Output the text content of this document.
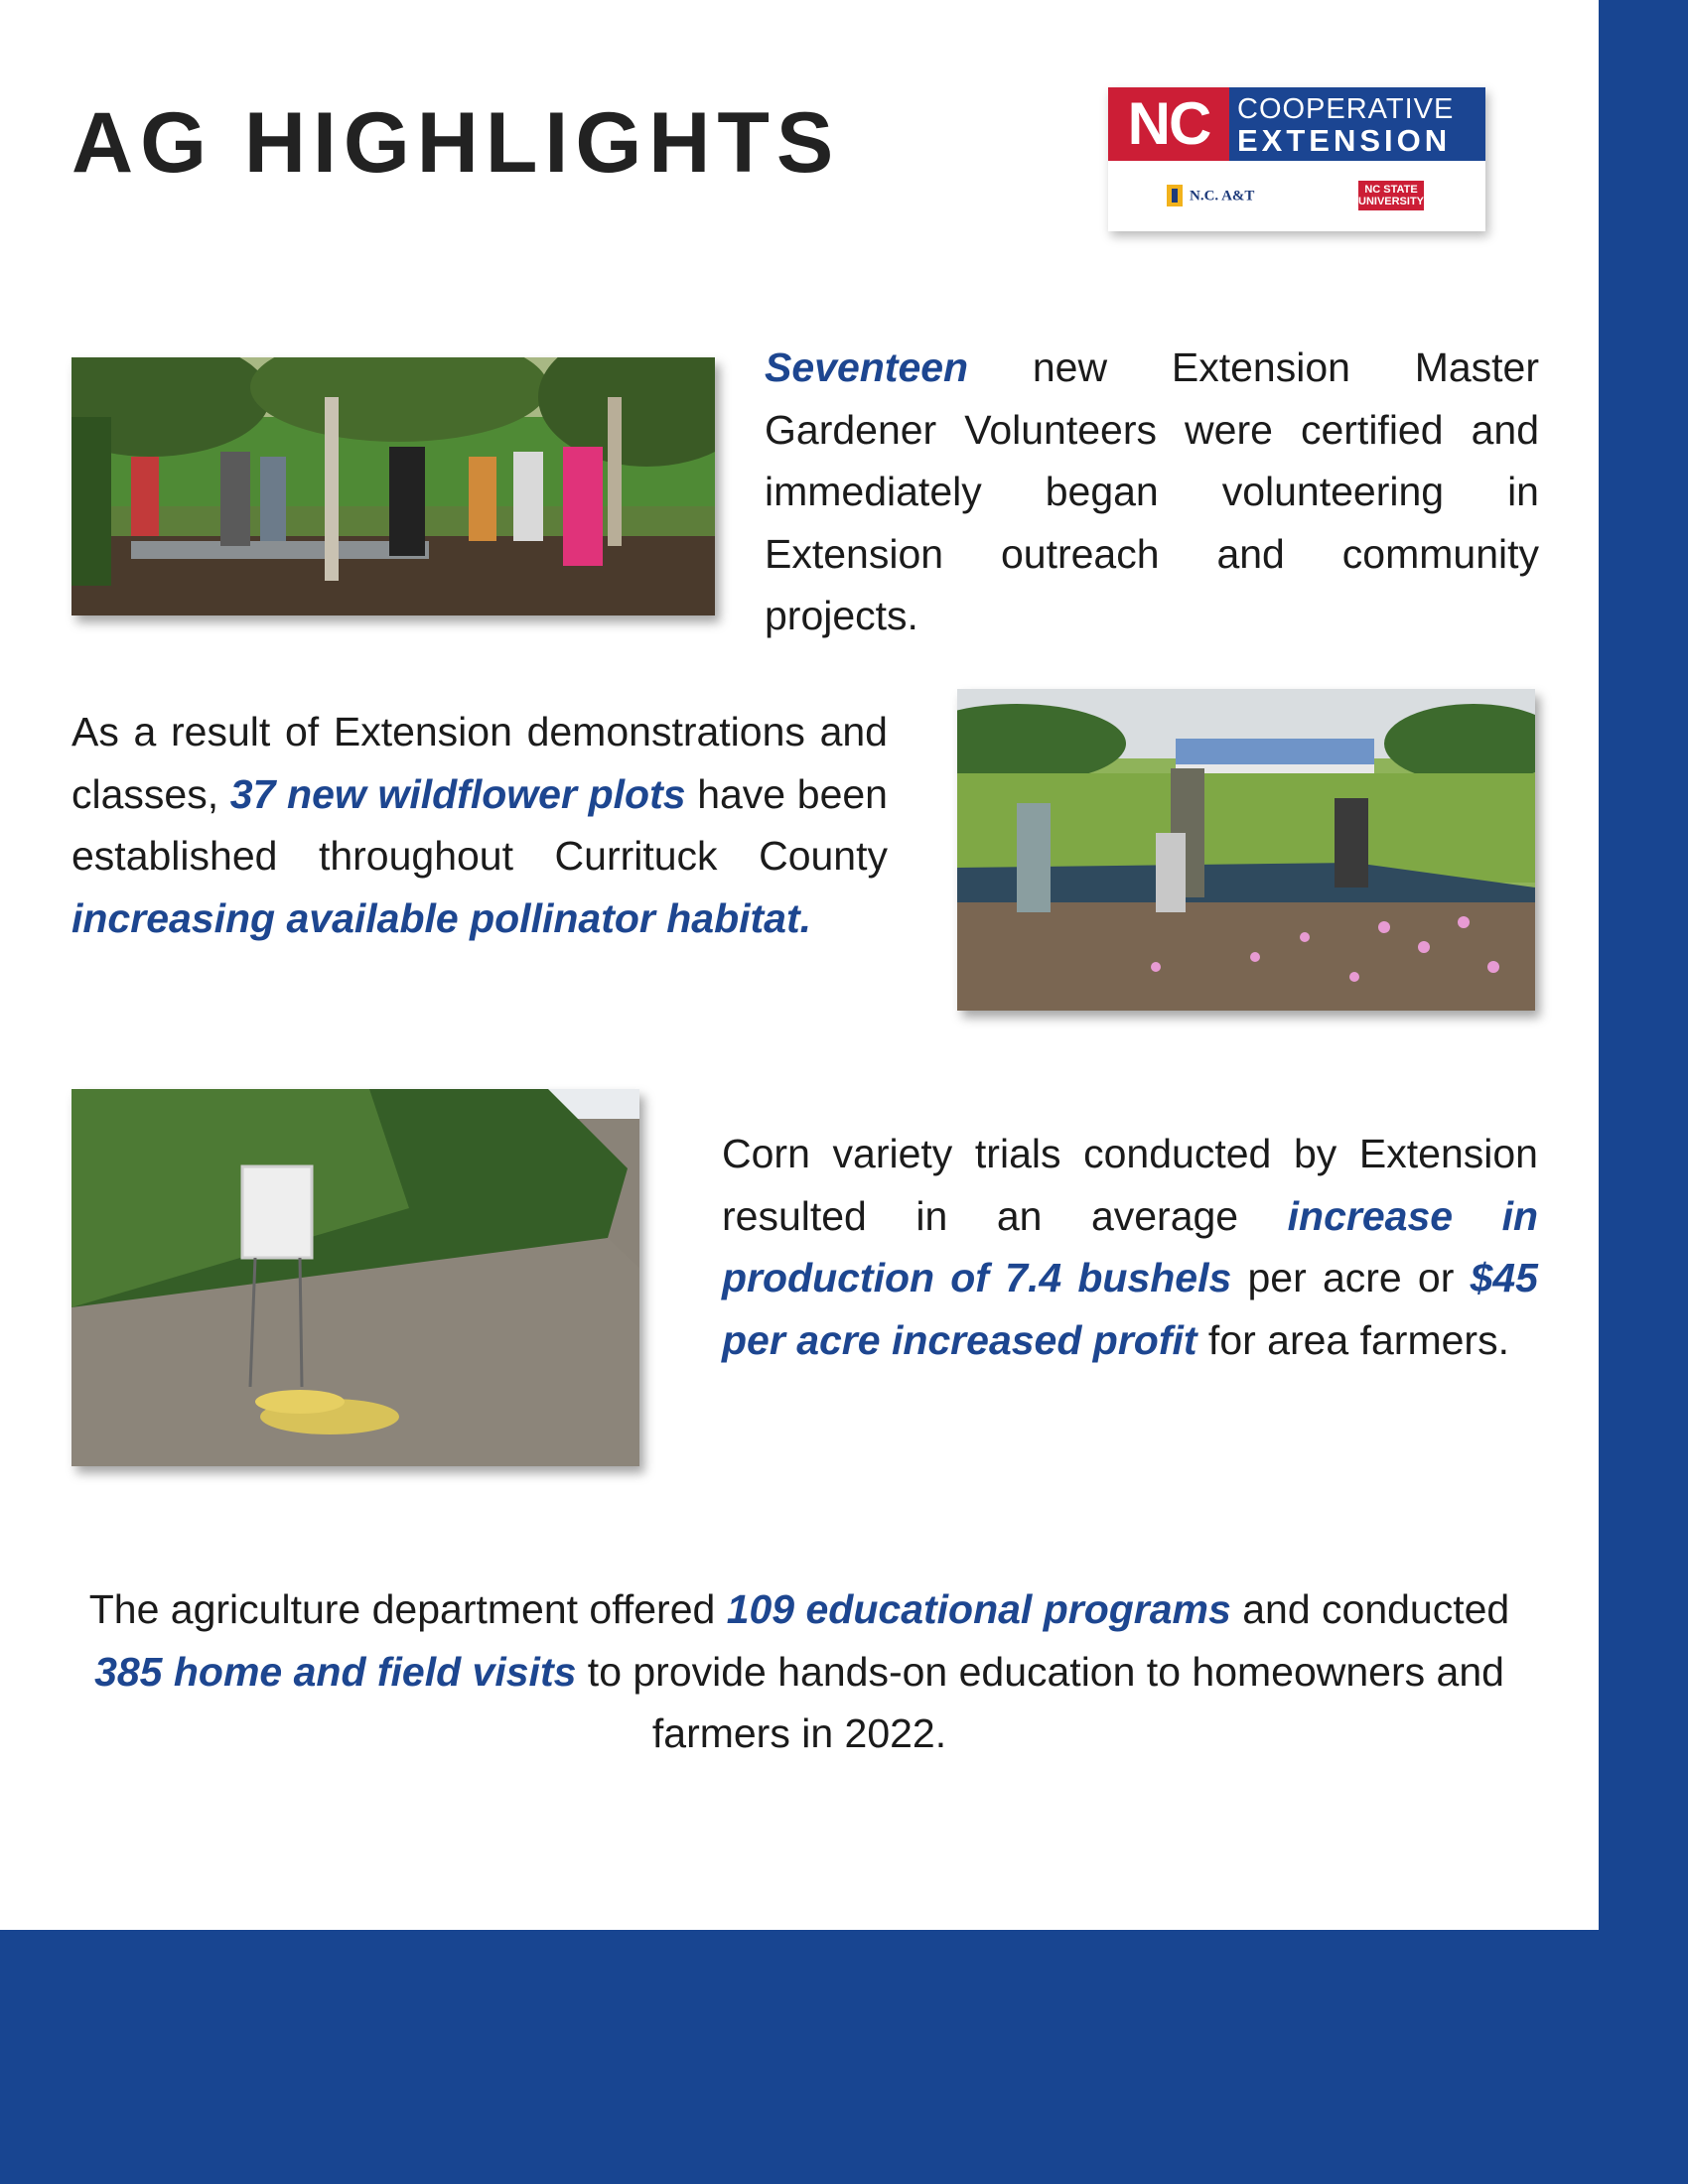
AG HIGHLIGHTS	NC COOPERATIVE
EXTENSION
N.C. A&T	NC STATE
UNIVERSITY

Seventeen new Extension Master Gardener Volunteers were certified and immediately began volunteering in Extension outreach and community projects.

As a result of Extension demonstrations and classes, 37 new wildflower plots have been established throughout Currituck County increasing available pollinator habitat.

Corn variety trials conducted by Extension resulted in an average increase in production of 7.4 bushels per acre or $45 per acre increased profit for area farmers.

The agriculture department offered 109 educational programs and conducted 385 home and field visits to provide hands-on education to homeowners and farmers in 2022.
